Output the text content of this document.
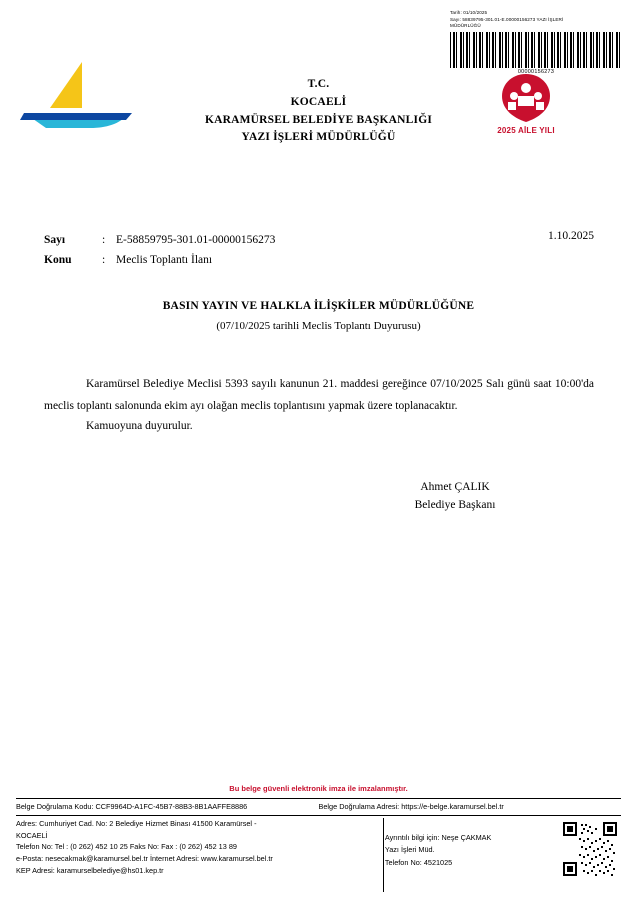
Tarih: 01/10/2025
Sayı: 58839795-301.01-E.00000156273 YAZI İŞLERİ
MÜDÜRLÜĞÜ
00000156273
T.C.
KOCAELİ
KARAMÜRSEL BELEDİYE BAŞKANLIĞI
YAZI İŞLERİ MÜDÜRLÜĞÜ
2025 AİLE YILI
1.10.2025
Sayı	: E-58859795-301.01-00000156273
Konu	: Meclis Toplantı İlanı
BASIN YAYIN VE HALKLA İLİŞKİLER MÜDÜRLÜĞÜNE
(07/10/2025 tarihli Meclis Toplantı Duyurusu)
Karamürsel Belediye Meclisi 5393 sayılı kanunun 21. maddesi gereğince 07/10/2025 Salı günü saat 10:00'da meclis toplantı salonunda ekim ayı olağan meclis toplantısını yapmak üzere toplanacaktır.
Kamuoyuna duyurulur.
Ahmet ÇALIK
Belediye Başkanı
Bu belge güvenli elektronik imza ile imzalanmıştır.
Belge Doğrulama Kodu: CCF9964D-A1FC-45B7-88B3-8B1AAFFE8886	Belge Doğrulama Adresi: https://e-belge.karamursel.bel.tr
Adres: Cumhuriyet Cad. No: 2 Belediye Hizmet Binası 41500 Karamürsel -
KOCAELİ
Telefon No: Tel : (0 262) 452 10 25 Faks No: Fax : (0 262) 452 13 89
e-Posta: nesecakmak@karamursel.bel.tr İnternet Adresi: www.karamursel.bel.tr
KEP Adresi: karamurselbelediye@hs01.kep.tr
Ayrıntılı bilgi için: Neşe ÇAKMAK
Yazı İşleri Müd.
Telefon No: 4521025
